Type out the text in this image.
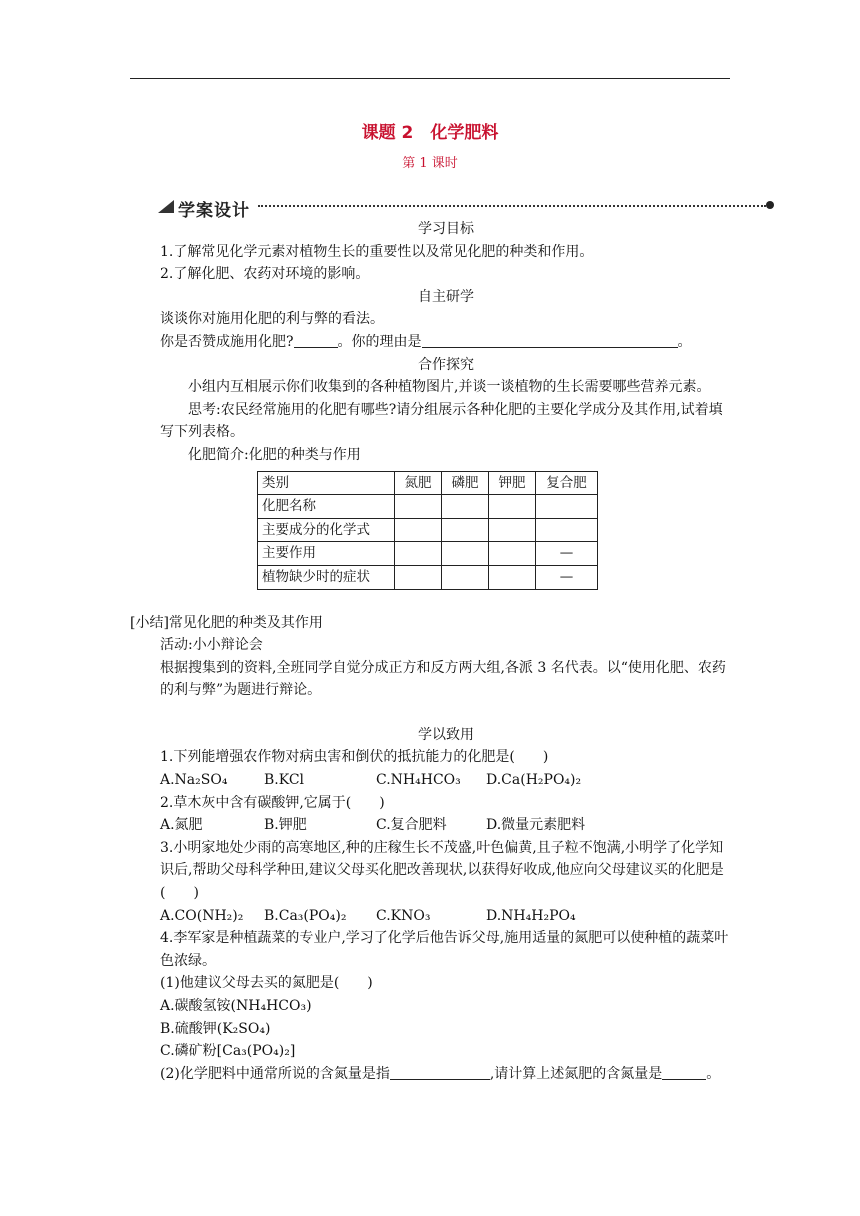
课题 2　化学肥料
第 1 课时
学案设计

学习目标

1.了解常见化学元素对植物生长的重要性以及常见化肥的种类和作用。

2.了解化肥、农药对环境的影响。

自主研学

谈谈你对施用化肥的利与弊的看法。

你是否赞成施用化肥?	。你的理由是	。

合作探究

小组内互相展示你们收集到的各种植物图片,并谈一谈植物的生长需要哪些营养元素。

思考:农民经常施用的化肥有哪些?请分组展示各种化肥的主要化学成分及其作用,试着填写下列表格。

化肥简介:化肥的种类与作用

类别	氮肥	磷肥	钾肥	复合肥
化肥名称				
主要成分的化学式				
主要作用				—
植物缺少时的症状				—

[小结]常见化肥的种类及其作用

活动:小小辩论会

根据搜集到的资料,全班同学自觉分成正方和反方两大组,各派 3 名代表。以“使用化肥、农药的利与弊”为题进行辩论。

学以致用

1.下列能增强农作物对病虫害和倒伏的抵抗能力的化肥是(　　)

A.Na₂SO₄	B.KCl	C.NH₄HCO₃	D.Ca(H₂PO₄)₂

2.草木灰中含有碳酸钾,它属于(　　)

A.氮肥	B.钾肥	C.复合肥料	D.微量元素肥料

3.小明家地处少雨的高寒地区,种的庄稼生长不茂盛,叶色偏黄,且子粒不饱满,小明学了化学知识后,帮助父母科学种田,建议父母买化肥改善现状,以获得好收成,他应向父母建议买的化肥是(　　)

A.CO(NH₂)₂	B.Ca₃(PO₄)₂	C.KNO₃	D.NH₄H₂PO₄

4.李军家是种植蔬菜的专业户,学习了化学后他告诉父母,施用适量的氮肥可以使种植的蔬菜叶色浓绿。

(1)他建议父母去买的氮肥是(　　)

A.碳酸氢铵(NH₄HCO₃)

B.硫酸钾(K₂SO₄)

C.磷矿粉[Ca₃(PO₄)₂]

(2)化学肥料中通常所说的含氮量是指	,请计算上述氮肥的含氮量是	。
